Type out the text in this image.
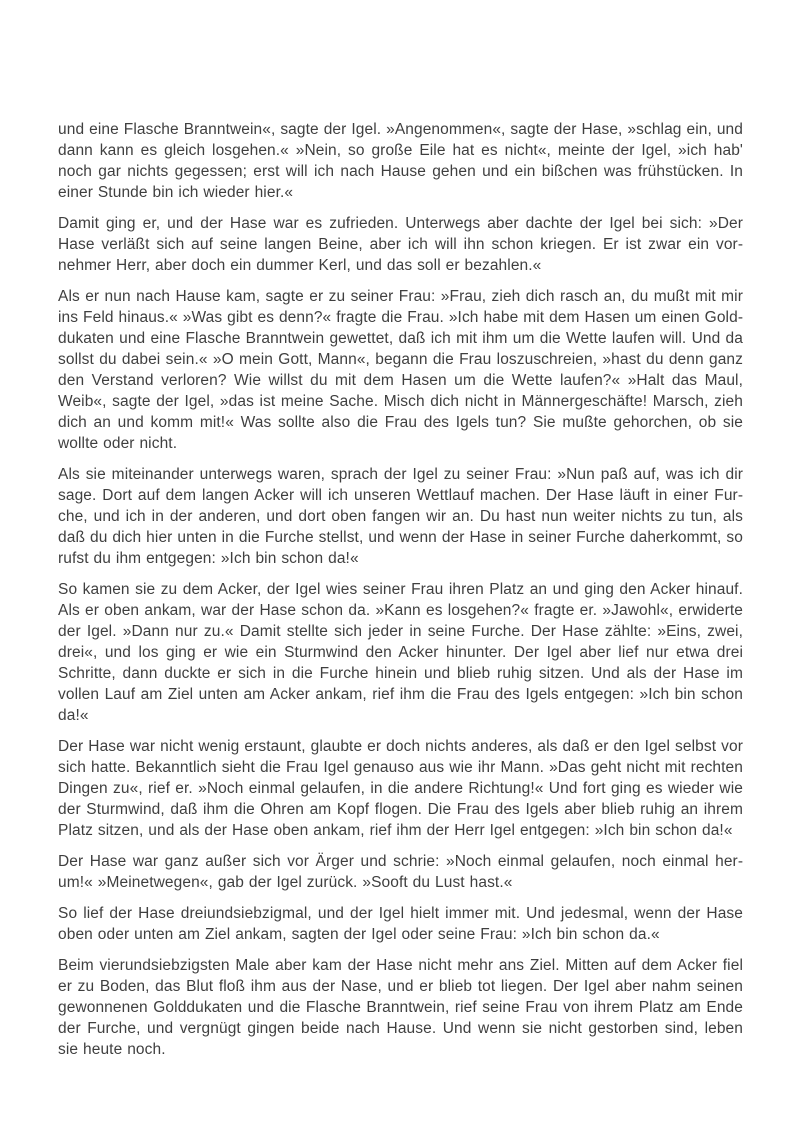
und eine Flasche Branntwein«, sagte der Igel. »Angenommen«, sagte der Hase, »schlag ein, und dann kann es gleich losgehen.« »Nein, so große Eile hat es nicht«, meinte der Igel, »ich hab' noch gar nichts gegessen; erst will ich nach Hause gehen und ein bißchen was frühstücken. In einer Stunde bin ich wieder hier.«

Damit ging er, und der Hase war es zufrieden. Unterwegs aber dachte der Igel bei sich: »Der Hase verläßt sich auf seine langen Beine, aber ich will ihn schon kriegen. Er ist zwar ein vornehmer Herr, aber doch ein dummer Kerl, und das soll er bezahlen.«

Als er nun nach Hause kam, sagte er zu seiner Frau: »Frau, zieh dich rasch an, du mußt mit mir ins Feld hinaus.« »Was gibt es denn?« fragte die Frau. »Ich habe mit dem Hasen um einen Golddukaten und eine Flasche Branntwein gewettet, daß ich mit ihm um die Wette laufen will. Und da sollst du dabei sein.« »O mein Gott, Mann«, begann die Frau loszuschreien, »hast du denn ganz den Verstand verloren? Wie willst du mit dem Hasen um die Wette laufen?« »Halt das Maul, Weib«, sagte der Igel, »das ist meine Sache. Misch dich nicht in Männergeschäfte! Marsch, zieh dich an und komm mit!« Was sollte also die Frau des Igels tun? Sie mußte gehorchen, ob sie wollte oder nicht.

Als sie miteinander unterwegs waren, sprach der Igel zu seiner Frau: »Nun paß auf, was ich dir sage. Dort auf dem langen Acker will ich unseren Wettlauf machen. Der Hase läuft in einer Furche, und ich in der anderen, und dort oben fangen wir an. Du hast nun weiter nichts zu tun, als daß du dich hier unten in die Furche stellst, und wenn der Hase in seiner Furche daherkommt, so rufst du ihm entgegen: »Ich bin schon da!«

So kamen sie zu dem Acker, der Igel wies seiner Frau ihren Platz an und ging den Acker hinauf. Als er oben ankam, war der Hase schon da. »Kann es losgehen?« fragte er. »Jawohl«, erwiderte der Igel. »Dann nur zu.« Damit stellte sich jeder in seine Furche. Der Hase zählte: »Eins, zwei, drei«, und los ging er wie ein Sturmwind den Acker hinunter. Der Igel aber lief nur etwa drei Schritte, dann duckte er sich in die Furche hinein und blieb ruhig sitzen. Und als der Hase im vollen Lauf am Ziel unten am Acker ankam, rief ihm die Frau des Igels entgegen: »Ich bin schon da!«

Der Hase war nicht wenig erstaunt, glaubte er doch nichts anderes, als daß er den Igel selbst vor sich hatte. Bekanntlich sieht die Frau Igel genauso aus wie ihr Mann. »Das geht nicht mit rechten Dingen zu«, rief er. »Noch einmal gelaufen, in die andere Richtung!« Und fort ging es wieder wie der Sturmwind, daß ihm die Ohren am Kopf flogen. Die Frau des Igels aber blieb ruhig an ihrem Platz sitzen, und als der Hase oben ankam, rief ihm der Herr Igel entgegen: »Ich bin schon da!«

Der Hase war ganz außer sich vor Ärger und schrie: »Noch einmal gelaufen, noch einmal herum!« »Meinetwegen«, gab der Igel zurück. »Sooft du Lust hast.«

So lief der Hase dreiundsiebzigmal, und der Igel hielt immer mit. Und jedesmal, wenn der Hase oben oder unten am Ziel ankam, sagten der Igel oder seine Frau: »Ich bin schon da.«

Beim vierundsiebzigsten Male aber kam der Hase nicht mehr ans Ziel. Mitten auf dem Acker fiel er zu Boden, das Blut floß ihm aus der Nase, und er blieb tot liegen. Der Igel aber nahm seinen gewonnenen Golddukaten und die Flasche Branntwein, rief seine Frau von ihrem Platz am Ende der Furche, und vergnügt gingen beide nach Hause. Und wenn sie nicht gestorben sind, leben sie heute noch.
